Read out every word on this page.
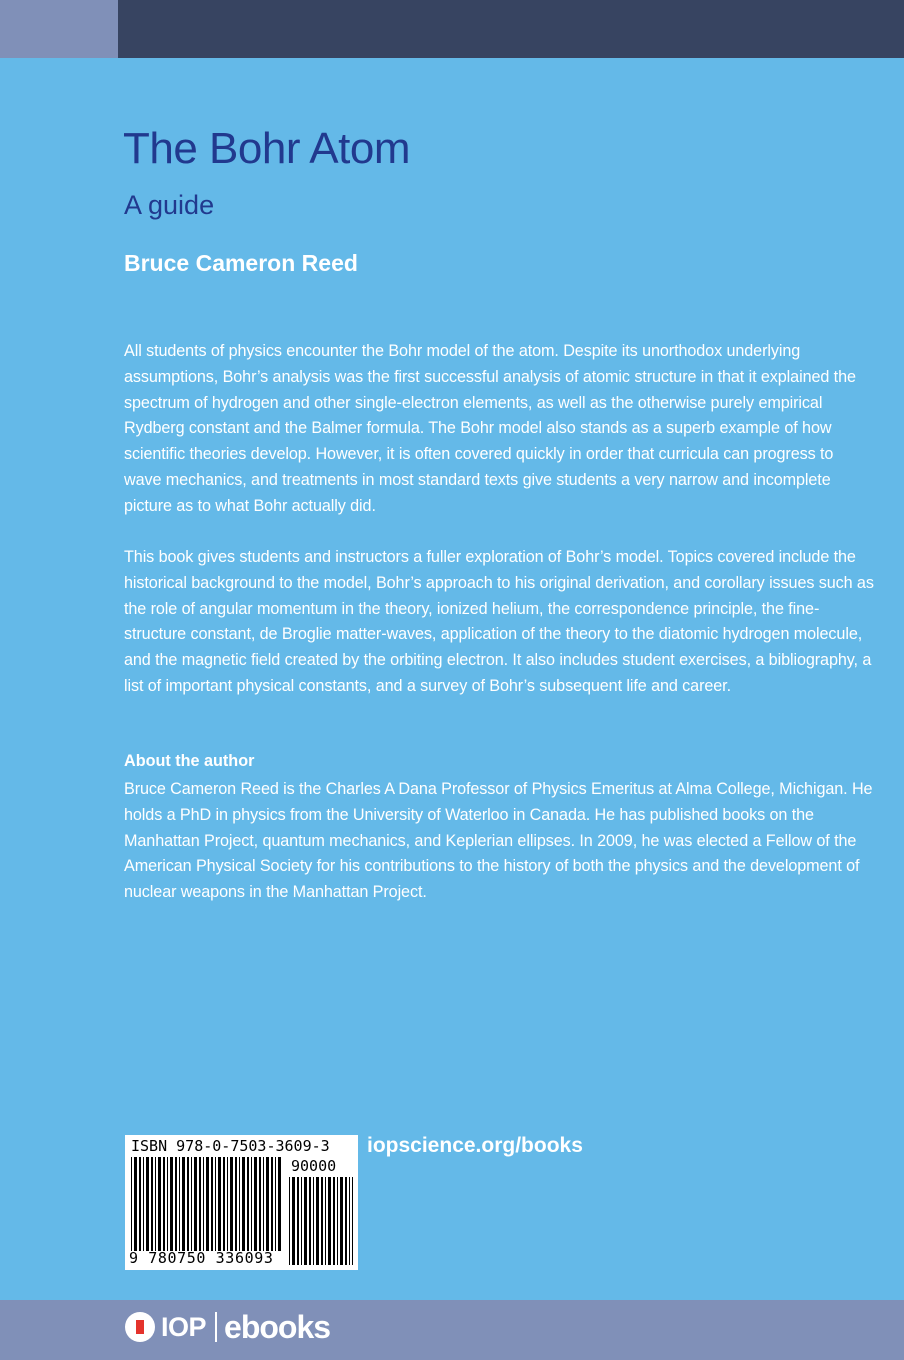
The Bohr Atom
A guide
Bruce Cameron Reed

All students of physics encounter the Bohr model of the atom. Despite its unorthodox underlying assumptions, Bohr’s analysis was the first successful analysis of atomic structure in that it explained the spectrum of hydrogen and other single-electron elements, as well as the otherwise purely empirical Rydberg constant and the Balmer formula. The Bohr model also stands as a superb example of how scientific theories develop. However, it is often covered quickly in order that curricula can progress to wave mechanics, and treatments in most standard texts give students a very narrow and incomplete picture as to what Bohr actually did.

This book gives students and instructors a fuller exploration of Bohr’s model. Topics covered include the historical background to the model, Bohr’s approach to his original derivation, and corollary issues such as the role of angular momentum in the theory, ionized helium, the correspondence principle, the fine-structure constant, de Broglie matter-waves, application of the theory to the diatomic hydrogen molecule, and the magnetic field created by the orbiting electron. It also includes student exercises, a bibliography, a list of important physical constants, and a survey of Bohr’s subsequent life and career.

About the author

Bruce Cameron Reed is the Charles A Dana Professor of Physics Emeritus at Alma College, Michigan. He holds a PhD in physics from the University of Waterloo in Canada. He has published books on the Manhattan Project, quantum mechanics, and Keplerian ellipses. In 2009, he was elected a Fellow of the American Physical Society for his contributions to the history of both the physics and the development of nuclear weapons in the Manhattan Project.

ISBN 978-0-7503-3609-3
90000
9 780750 336093
iopscience.org/books
IOP ebooks
